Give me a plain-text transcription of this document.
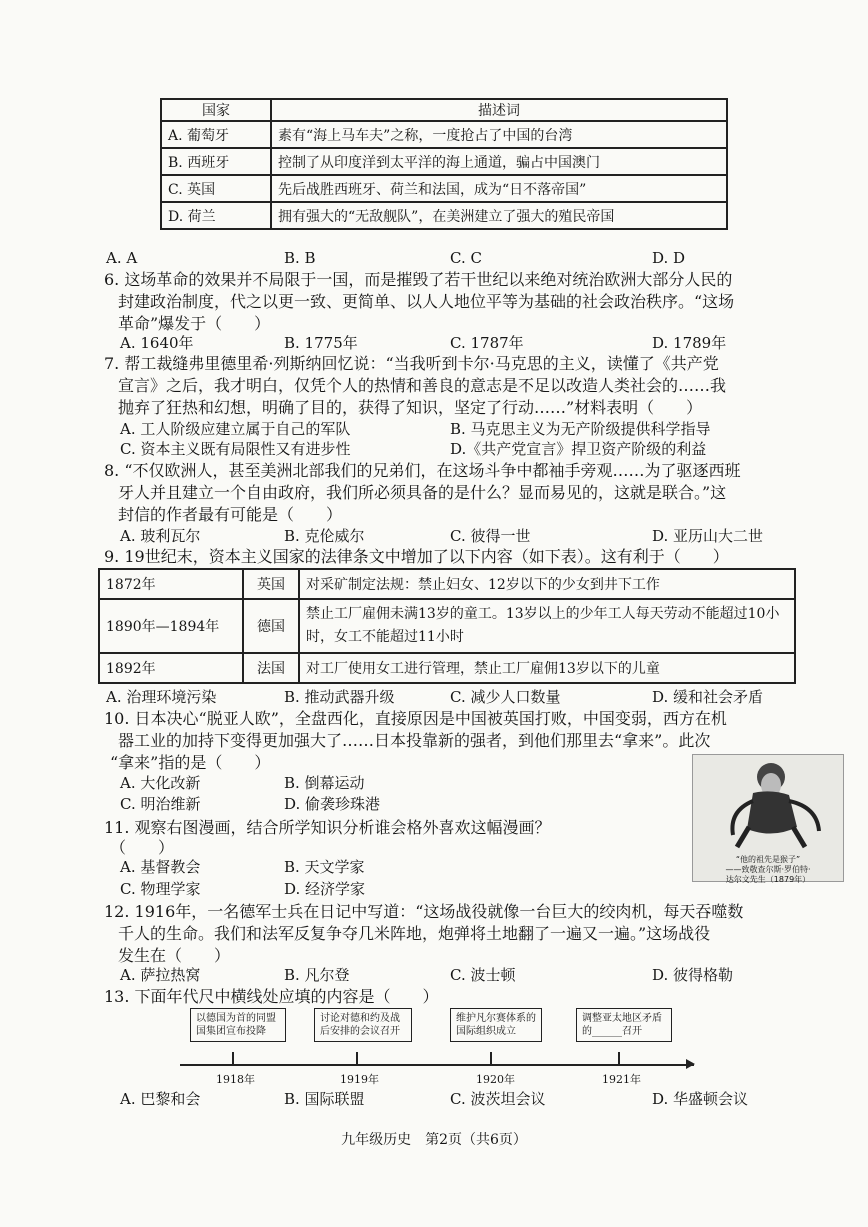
国家	描述词
A. 葡萄牙	素有“海上马车夫”之称，一度抢占了中国的台湾
B. 西班牙	控制了从印度洋到太平洋的海上通道，骗占中国澳门
C. 英国	先后战胜西班牙、荷兰和法国，成为“日不落帝国”
D. 荷兰	拥有强大的“无敌舰队”，在美洲建立了强大的殖民帝国
A. A	B. B	C. C	D. D
6. 这场革命的效果并不局限于一国，而是摧毁了若干世纪以来绝对统治欧洲大部分人民的
封建政治制度，代之以更一致、更简单、以人人地位平等为基础的社会政治秩序。“这场
革命”爆发于（　　）
A. 1640年	B. 1775年	C. 1787年	D. 1789年
7. 帮工裁缝弗里德里希·列斯纳回忆说：“当我听到卡尔·马克思的主义，读懂了《共产党
宣言》之后，我才明白，仅凭个人的热情和善良的意志是不足以改造人类社会的……我
抛弃了狂热和幻想，明确了目的，获得了知识，坚定了行动……”材料表明（　　）
A. 工人阶级应建立属于自己的军队	B. 马克思主义为无产阶级提供科学指导
C. 资本主义既有局限性又有进步性	D.《共产党宣言》捍卫资产阶级的利益
8. “不仅欧洲人，甚至美洲北部我们的兄弟们，在这场斗争中都袖手旁观……为了驱逐西班
牙人并且建立一个自由政府，我们所必须具备的是什么？显而易见的，这就是联合。”这
封信的作者最有可能是（　　）
A. 玻利瓦尔	B. 克伦威尔	C. 彼得一世	D. 亚历山大二世
9. 19世纪末，资本主义国家的法律条文中增加了以下内容（如下表）。这有利于（　　）
1872年	英国	对采矿制定法规：禁止妇女、12岁以下的少女到井下工作
1890年—1894年	德国	禁止工厂雇佣未满13岁的童工。13岁以上的少年工人每天劳动不能超过10小时，女工不能超过11小时
1892年	法国	对工厂使用女工进行管理，禁止工厂雇佣13岁以下的儿童
A. 治理环境污染	B. 推动武器升级	C. 减少人口数量	D. 缓和社会矛盾
10. 日本决心“脱亚人欧”，全盘西化，直接原因是中国被英国打败，中国变弱，西方在机
器工业的加持下变得更加强大了……日本投靠新的强者，到他们那里去“拿来”。此次
“拿来”指的是（　　）
A. 大化改新	B. 倒幕运动
C. 明治维新	D. 偷袭珍珠港
“他的祖先是猴子”
——致敬查尔斯·罗伯特·
达尔文先生（1879年）
11. 观察右图漫画，结合所学知识分析谁会格外喜欢这幅漫画？
（　　）
A. 基督教会	B. 天文学家
C. 物理学家	D. 经济学家
12. 1916年，一名德军士兵在日记中写道：“这场战役就像一台巨大的绞肉机，每天吞噬数
千人的生命。我们和法军反复争夺几米阵地，炮弹将土地翻了一遍又一遍。”这场战役
发生在（　　）
A. 萨拉热窝	B. 凡尔登	C. 波士顿	D. 彼得格勒
13. 下面年代尺中横线处应填的内容是（　　）
以德国为首的同盟国集团宣布投降
讨论对德和约及战后安排的会议召开
维护凡尔赛体系的国际组织成立
调整亚太地区矛盾的______召开
1918年	1919年	1920年	1921年
A. 巴黎和会	B. 国际联盟	C. 波茨坦会议	D. 华盛顿会议
九年级历史　第2页（共6页）
